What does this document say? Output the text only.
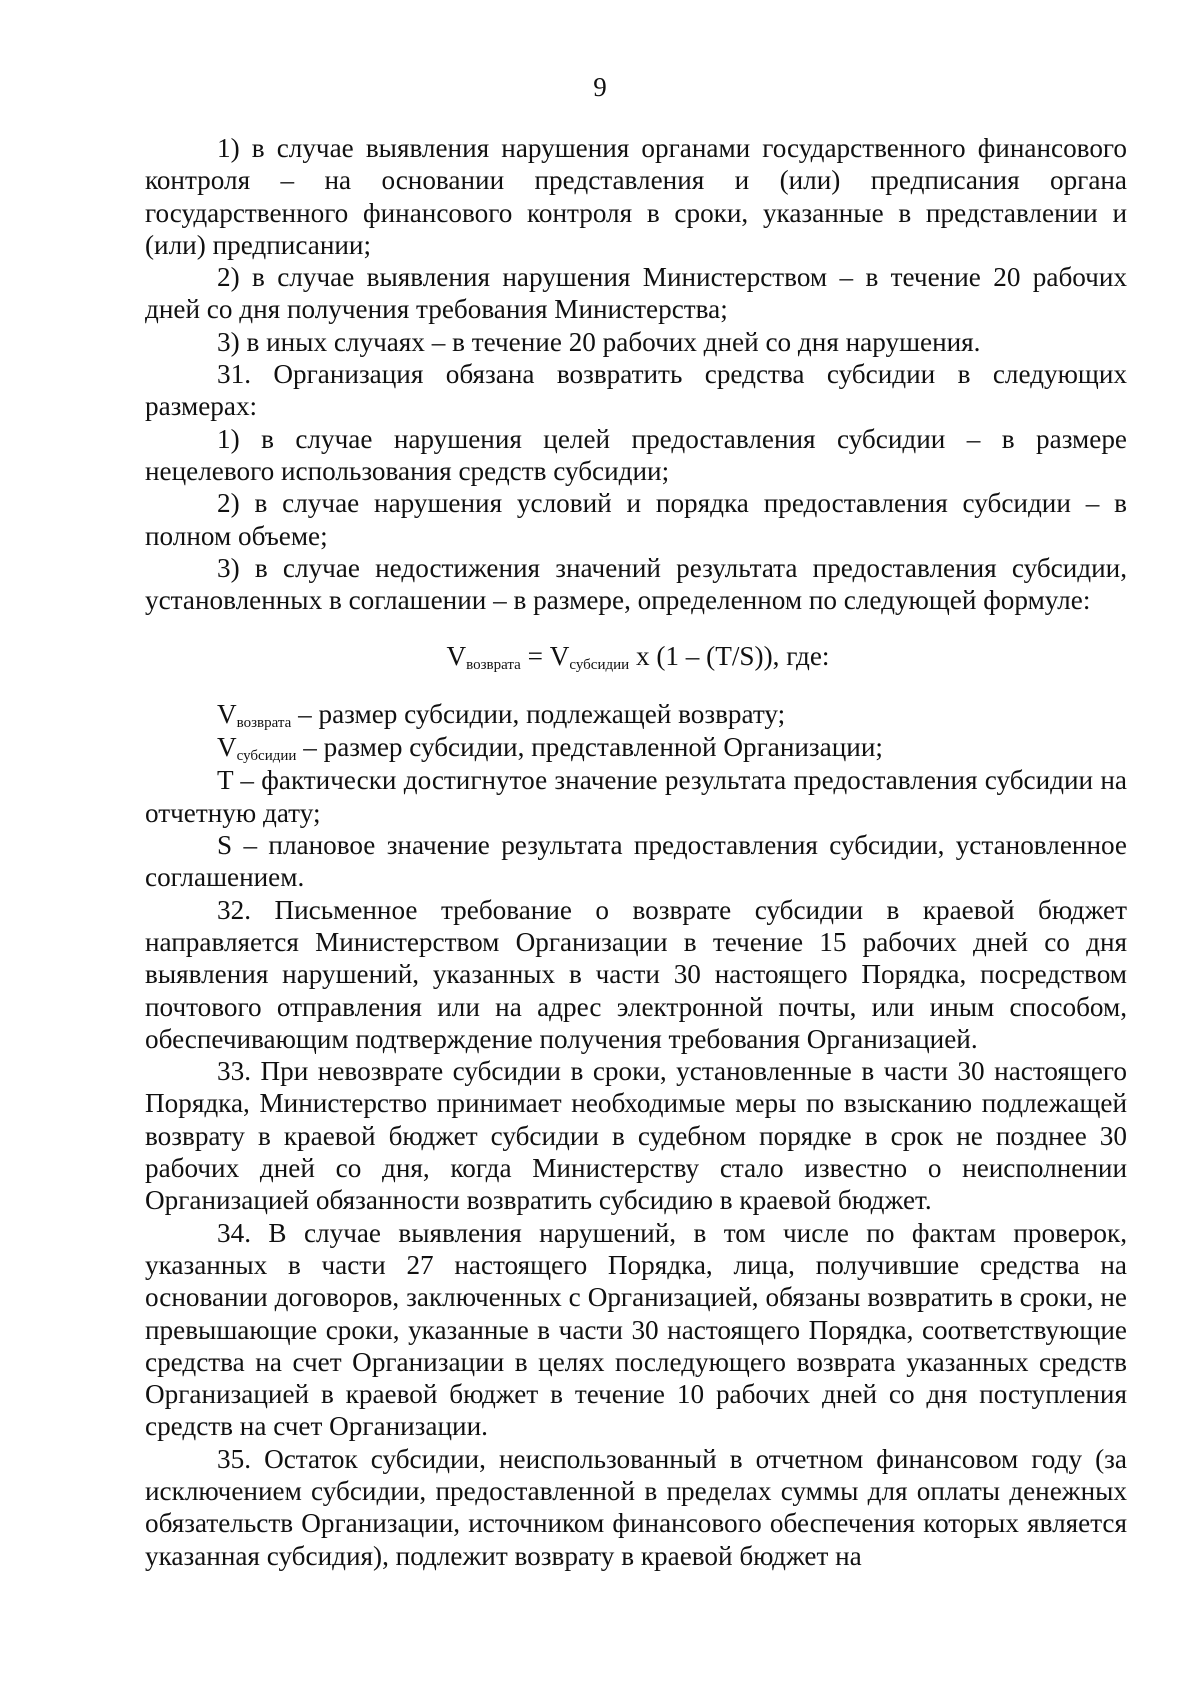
9

1) в случае выявления нарушения органами государственного финансового контроля – на основании представления и (или) предписания органа государственного финансового контроля в сроки, указанные в представлении и (или) предписании;

2) в случае выявления нарушения Министерством – в течение 20 рабочих дней со дня получения требования Министерства;

3) в иных случаях – в течение 20 рабочих дней со дня нарушения.

31. Организация обязана возвратить средства субсидии в следующих размерах:

1) в случае нарушения целей предоставления субсидии – в размере нецелевого использования средств субсидии;

2) в случае нарушения условий и порядка предоставления субсидии – в полном объеме;

3) в случае недостижения значений результата предоставления субсидии, установленных в соглашении – в размере, определенном по следующей формуле:

$V_{возврата} = V_{субсидии}$ х (1 – (T/S)), где:

$V_{возврата}$ – размер субсидии, подлежащей возврату;

$V_{субсидии}$ – размер субсидии, представленной Организации;

T – фактически достигнутое значение результата предоставления субсидии на отчетную дату;

S – плановое значение результата предоставления субсидии, установленное соглашением.

32. Письменное требование о возврате субсидии в краевой бюджет направляется Министерством Организации в течение 15 рабочих дней со дня выявления нарушений, указанных в части 30 настоящего Порядка, посредством почтового отправления или на адрес электронной почты, или иным способом, обеспечивающим подтверждение получения требования Организацией.

33. При невозврате субсидии в сроки, установленные в части 30 настоящего Порядка, Министерство принимает необходимые меры по взысканию подлежащей возврату в краевой бюджет субсидии в судебном порядке в срок не позднее 30 рабочих дней со дня, когда Министерству стало известно о неисполнении Организацией обязанности возвратить субсидию в краевой бюджет.

34. В случае выявления нарушений, в том числе по фактам проверок, указанных в части 27 настоящего Порядка, лица, получившие средства на основании договоров, заключенных с Организацией, обязаны возвратить в сроки, не превышающие сроки, указанные в части 30 настоящего Порядка, соответствующие средства на счет Организации в целях последующего возврата указанных средств Организацией в краевой бюджет в течение 10 рабочих дней со дня поступления средств на счет Организации.

35. Остаток субсидии, неиспользованный в отчетном финансовом году (за исключением субсидии, предоставленной в пределах суммы для оплаты денежных обязательств Организации, источником финансового обеспечения которых является указанная субсидия), подлежит возврату в краевой бюджет на
